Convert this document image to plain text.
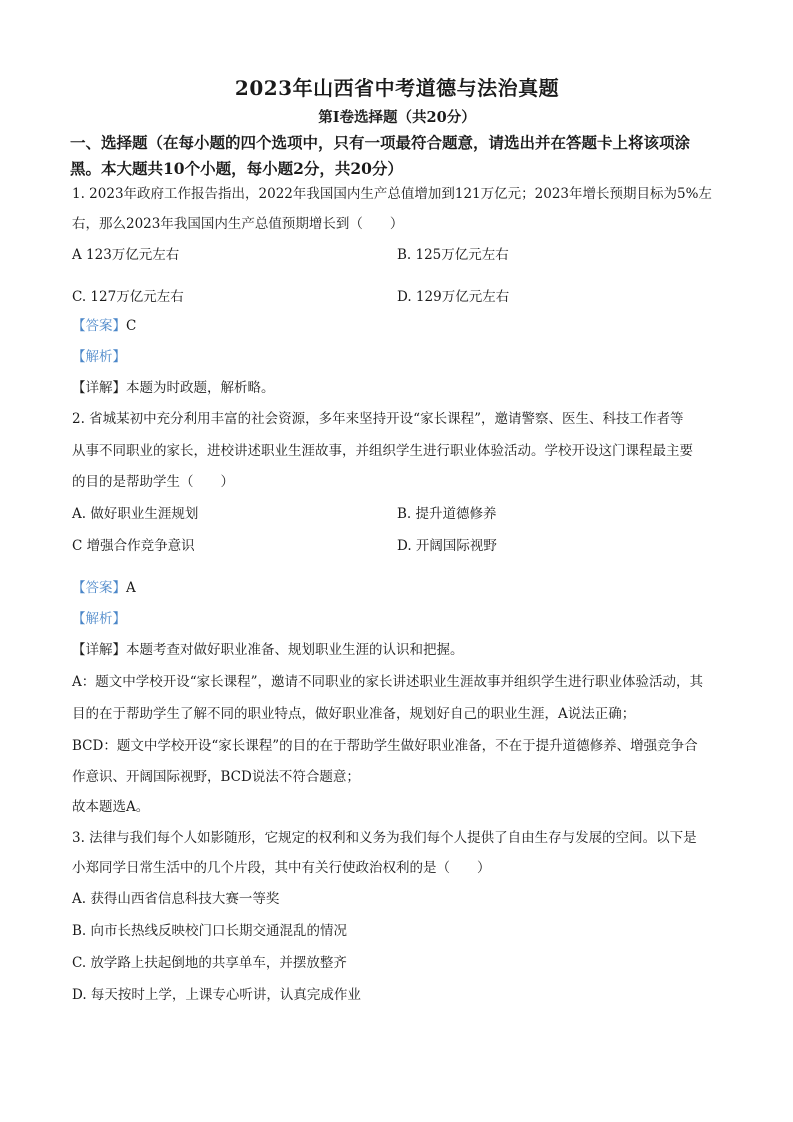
2023年山西省中考道德与法治真题
第Ⅰ卷选择题（共20分）
一、选择题（在每小题的四个选项中，只有一项最符合题意，请选出并在答题卡上将该项涂
黑。本大题共10个小题，每小题2分，共20分）
1. 2023年政府工作报告指出，2022年我国国内生产总值增加到121万亿元；2023年增长预期目标为5%左
右，那么2023年我国国内生产总值预期增长到（　　）
A 123万亿元左右	B. 125万亿元左右
C. 127万亿元左右	D. 129万亿元左右
【答案】C
【解析】
【详解】本题为时政题，解析略。
2. 省城某初中充分利用丰富的社会资源，多年来坚持开设“家长课程”，邀请警察、医生、科技工作者等
从事不同职业的家长，进校讲述职业生涯故事，并组织学生进行职业体验活动。学校开设这门课程最主要
的目的是帮助学生（　　）
A. 做好职业生涯规划	B. 提升道德修养
C 增强合作竞争意识	D. 开阔国际视野
【答案】A
【解析】
【详解】本题考查对做好职业准备、规划职业生涯的认识和把握。
A：题文中学校开设“家长课程”，邀请不同职业的家长讲述职业生涯故事并组织学生进行职业体验活动，其
目的在于帮助学生了解不同的职业特点，做好职业准备，规划好自己的职业生涯，A说法正确；
BCD：题文中学校开设“家长课程”的目的在于帮助学生做好职业准备，不在于提升道德修养、增强竞争合
作意识、开阔国际视野，BCD说法不符合题意；
故本题选A。
3. 法律与我们每个人如影随形，它规定的权利和义务为我们每个人提供了自由生存与发展的空间。以下是
小郑同学日常生活中的几个片段，其中有关行使政治权利的是（　　）
A. 获得山西省信息科技大赛一等奖
B. 向市长热线反映校门口长期交通混乱的情况
C. 放学路上扶起倒地的共享单车，并摆放整齐
D. 每天按时上学，上课专心听讲，认真完成作业
